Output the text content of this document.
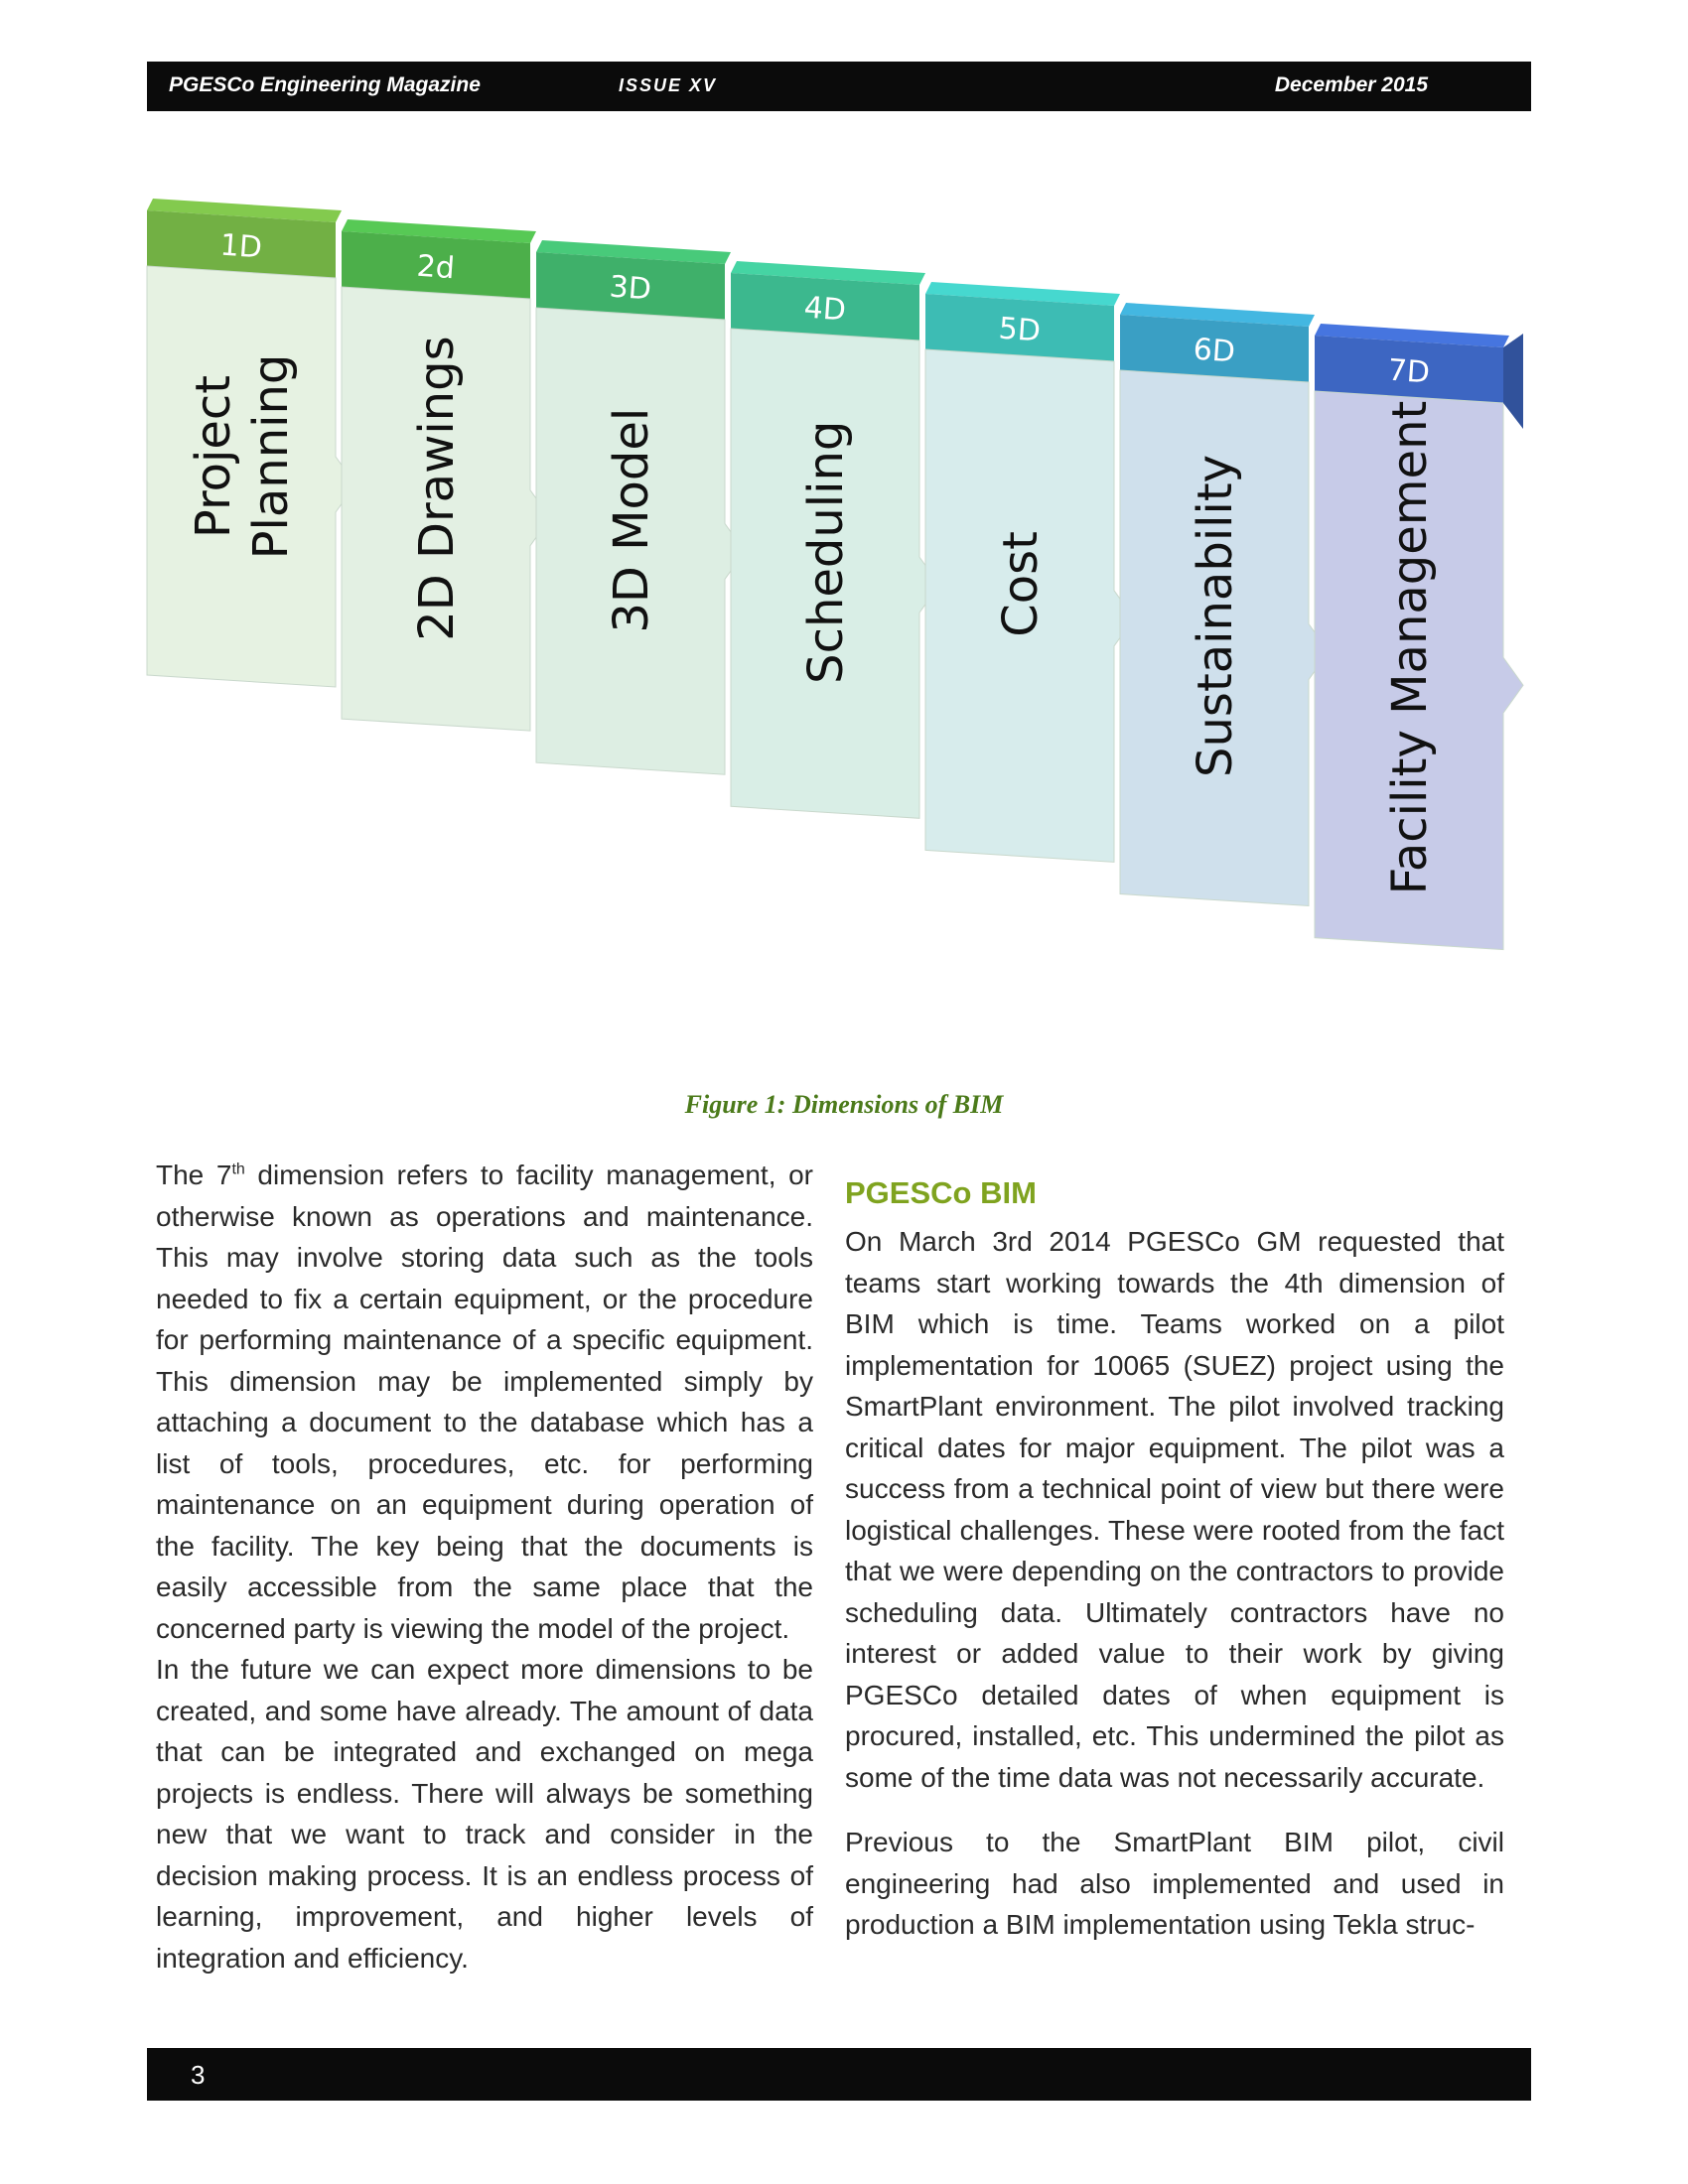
PGESCo Engineering Magazine	ISSUE XV	December 2015
1D
Project Planning
2d
2D Drawings
3D
3D Model
4D
Scheduling
5D
Cost
6D
Sustainability
7D
Facility Management
Figure 1: Dimensions of BIM

The 7th dimension refers to facility management, or otherwise known as operations and maintenance. This may involve storing data such as the tools needed to fix a certain equipment, or the procedure for performing maintenance of a specific equipment. This dimension may be implemented simply by attaching a document to the database which has a list of tools, procedures, etc. for performing maintenance on an equipment during operation of the facility. The key being that the documents is easily accessible from the same place that the concerned party is viewing the model of the project.

In the future we can expect more dimensions to be created, and some have already. The amount of data that can be integrated and exchanged on mega projects is endless. There will always be something new that we want to track and consider in the decision making process. It is an endless process of learning, improvement, and higher levels of integration and efficiency.

PGESCo BIM

On March 3rd 2014 PGESCo GM requested that teams start working towards the 4th dimension of BIM which is time. Teams worked on a pilot implementation for 10065 (SUEZ) project using the SmartPlant environment. The pilot involved tracking critical dates for major equipment. The pilot was a success from a technical point of view but there were logistical challenges. These were rooted from the fact that we were depending on the contractors to provide scheduling data. Ultimately contractors have no interest or added value to their work by giving PGESCo detailed dates of when equipment is procured, installed, etc. This undermined the pilot as some of the time data was not necessarily accurate.

Previous to the SmartPlant BIM pilot, civil engineering had also implemented and used in production a BIM implementation using Tekla struc-

3
